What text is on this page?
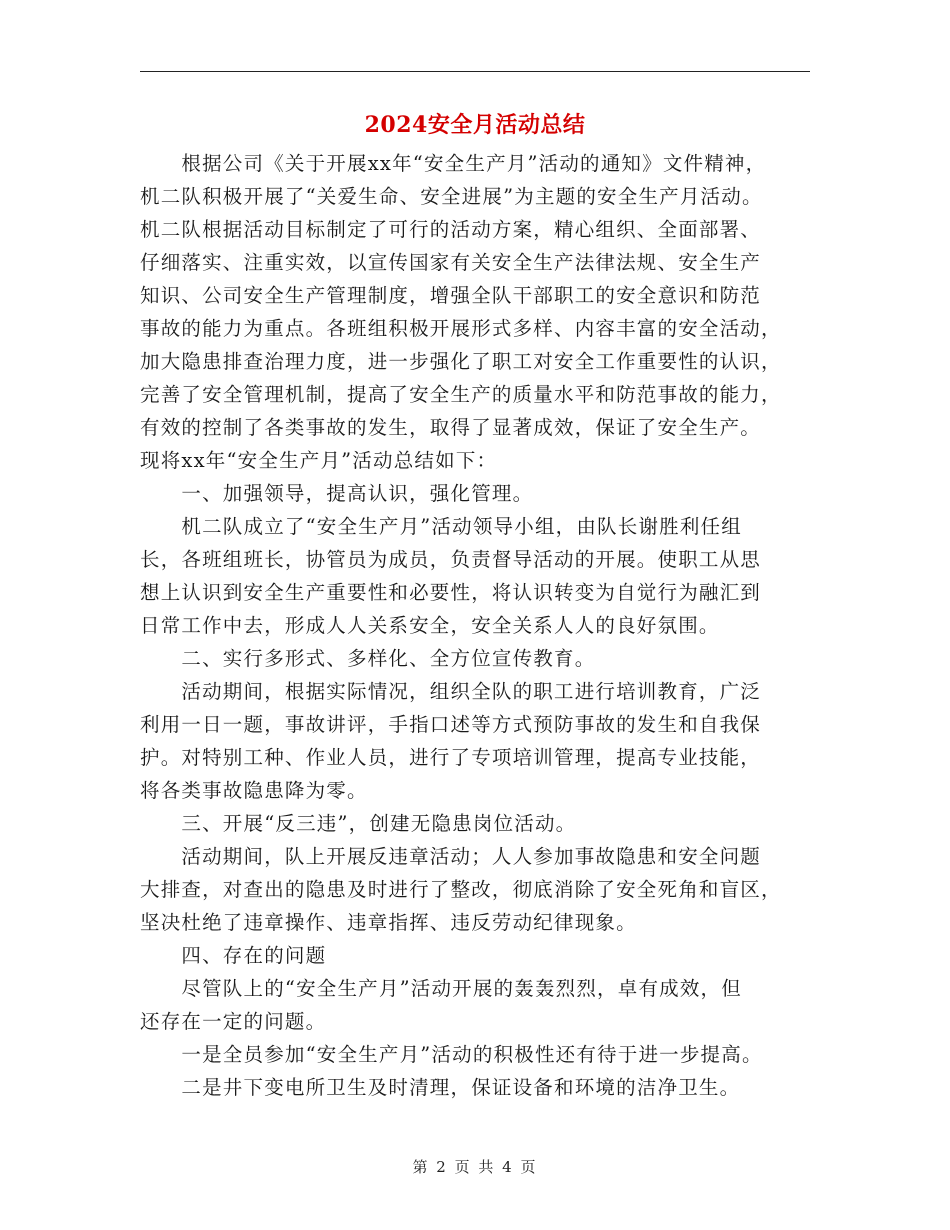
2024安全月活动总结
　　根据公司《关于开展xx年“安全生产月”活动的通知》文件精神，
机二队积极开展了“关爱生命、安全进展”为主题的安全生产月活动。
机二队根据活动目标制定了可行的活动方案，精心组织、全面部署、
仔细落实、注重实效，以宣传国家有关安全生产法律法规、安全生产
知识、公司安全生产管理制度，增强全队干部职工的安全意识和防范
事故的能力为重点。各班组积极开展形式多样、内容丰富的安全活动，
加大隐患排查治理力度，进一步强化了职工对安全工作重要性的认识，
完善了安全管理机制，提高了安全生产的质量水平和防范事故的能力，
有效的控制了各类事故的发生，取得了显著成效，保证了安全生产。
现将xx年“安全生产月”活动总结如下：
　　一、加强领导，提高认识，强化管理。
　　机二队成立了“安全生产月”活动领导小组，由队长谢胜利任组
长，各班组班长，协管员为成员，负责督导活动的开展。使职工从思
想上认识到安全生产重要性和必要性，将认识转变为自觉行为融汇到
日常工作中去，形成人人关系安全，安全关系人人的良好氛围。
　　二、实行多形式、多样化、全方位宣传教育。
　　活动期间，根据实际情况，组织全队的职工进行培训教育，广泛
利用一日一题，事故讲评，手指口述等方式预防事故的发生和自我保
护。对特别工种、作业人员，进行了专项培训管理，提高专业技能，
将各类事故隐患降为零。
　　三、开展“反三违”，创建无隐患岗位活动。
　　活动期间，队上开展反违章活动；人人参加事故隐患和安全问题
大排查，对查出的隐患及时进行了整改，彻底消除了安全死角和盲区，
坚决杜绝了违章操作、违章指挥、违反劳动纪律现象。
　　四、存在的问题
　　尽管队上的“安全生产月”活动开展的轰轰烈烈，卓有成效，但
还存在一定的问题。
　　一是全员参加“安全生产月”活动的积极性还有待于进一步提高。
　　二是井下变电所卫生及时清理，保证设备和环境的洁净卫生。
第 2 页 共 4 页
